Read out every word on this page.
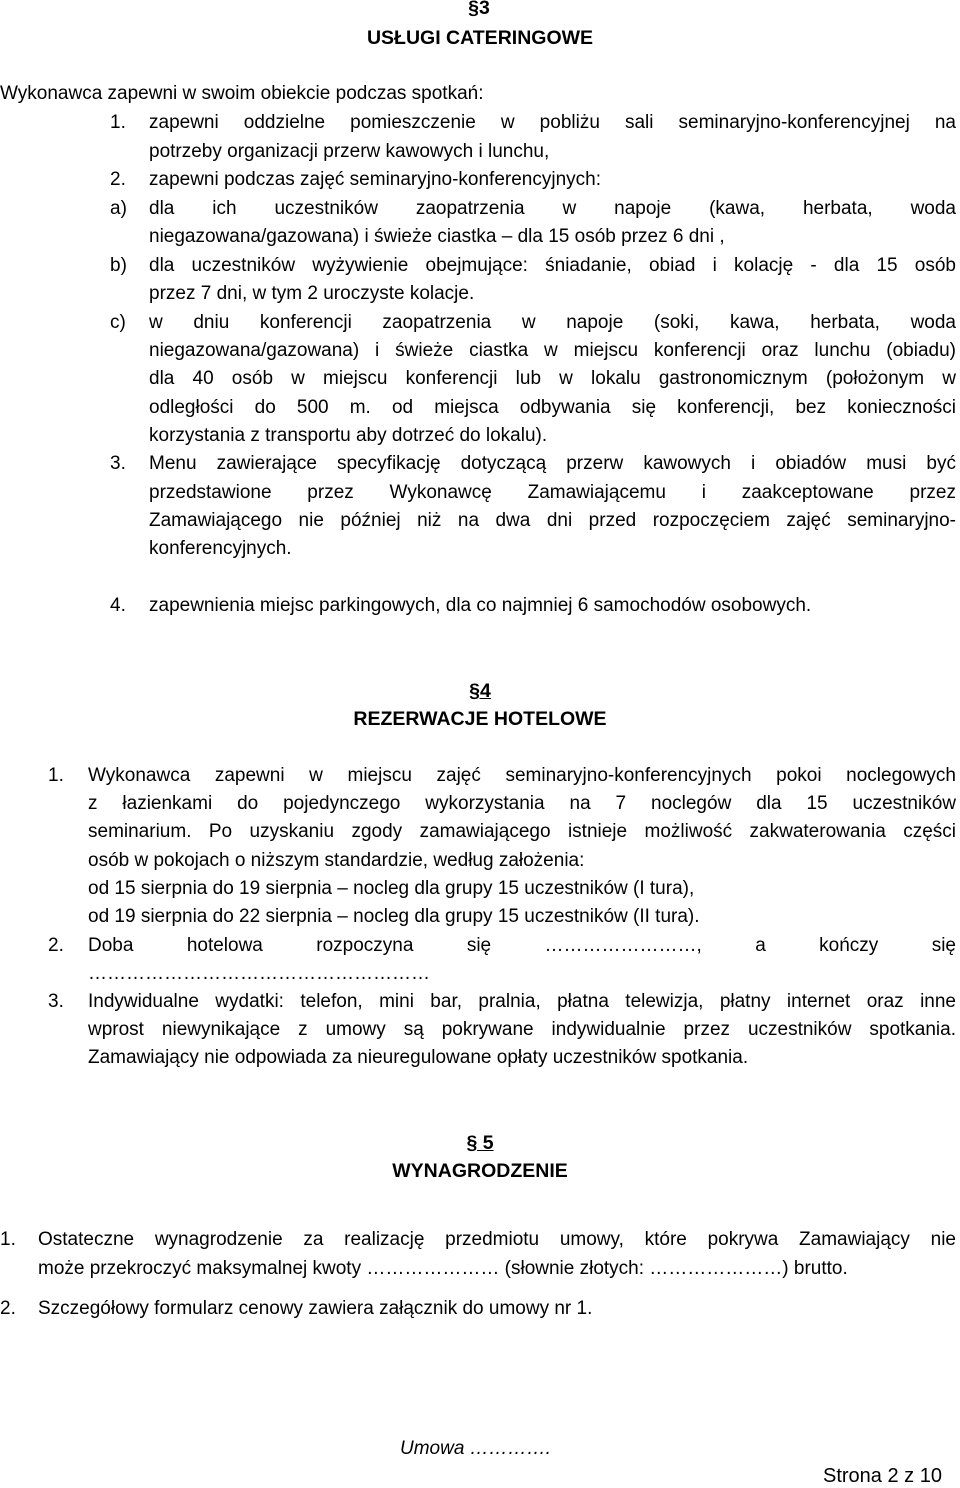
§3
USŁUGI CATERINGOWE
Wykonawca zapewni w swoim obiekcie podczas spotkań:
1. zapewni oddzielne pomieszczenie w pobliżu sali seminaryjno-konferencyjnej na
potrzeby organizacji przerw kawowych i lunchu,
2. zapewni podczas zajęć seminaryjno-konferencyjnych:
a) dla ich uczestników zaopatrzenia w napoje (kawa, herbata, woda
niegazowana/gazowana) i świeże ciastka – dla 15 osób przez 6 dni ,
b) dla uczestników wyżywienie obejmujące: śniadanie, obiad i kolację - dla 15 osób
przez 7 dni, w tym 2 uroczyste kolacje.
c) w dniu konferencji zaopatrzenia w napoje (soki, kawa, herbata, woda
niegazowana/gazowana) i świeże ciastka w miejscu konferencji oraz lunchu (obiadu)
dla 40 osób w miejscu konferencji lub w lokalu gastronomicznym (położonym w
odległości do 500 m. od miejsca odbywania się konferencji, bez konieczności
korzystania z transportu aby dotrzeć do lokalu).
3. Menu zawierające specyfikację dotyczącą przerw kawowych i obiadów musi być
przedstawione przez Wykonawcę Zamawiającemu i zaakceptowane przez
Zamawiającego nie później niż na dwa dni przed rozpoczęciem zajęć seminaryjno-
konferencyjnych.
4. zapewnienia miejsc parkingowych, dla co najmniej 6 samochodów osobowych.
§4
REZERWACJE HOTELOWE
1. Wykonawca zapewni w miejscu zajęć seminaryjno-konferencyjnych pokoi noclegowych
z łazienkami do pojedynczego wykorzystania na 7 noclegów dla 15 uczestników
seminarium. Po uzyskaniu zgody zamawiającego istnieje możliwość zakwaterowania części
osób w pokojach o niższym standardzie, według założenia:
od 15 sierpnia do 19 sierpnia – nocleg dla grupy 15 uczestników (I tura),
od 19 sierpnia do 22 sierpnia – nocleg dla grupy 15 uczestników (II tura).
2. Doba hotelowa rozpoczyna się ……………………, a kończy się
………………………………………………
3. Indywidualne wydatki: telefon, mini bar, pralnia, płatna telewizja, płatny internet oraz inne
wprost niewynikające z umowy są pokrywane indywidualnie przez uczestników spotkania.
Zamawiający nie odpowiada za nieuregulowane opłaty uczestników spotkania.
§ 5
WYNAGRODZENIE
1. Ostateczne wynagrodzenie za realizację przedmiotu umowy, które pokrywa Zamawiający nie
może przekroczyć maksymalnej kwoty ………………… (słownie złotych: …………………) brutto.
2. Szczegółowy formularz cenowy zawiera załącznik do umowy nr 1.
Umowa ………….
Strona 2 z 10
